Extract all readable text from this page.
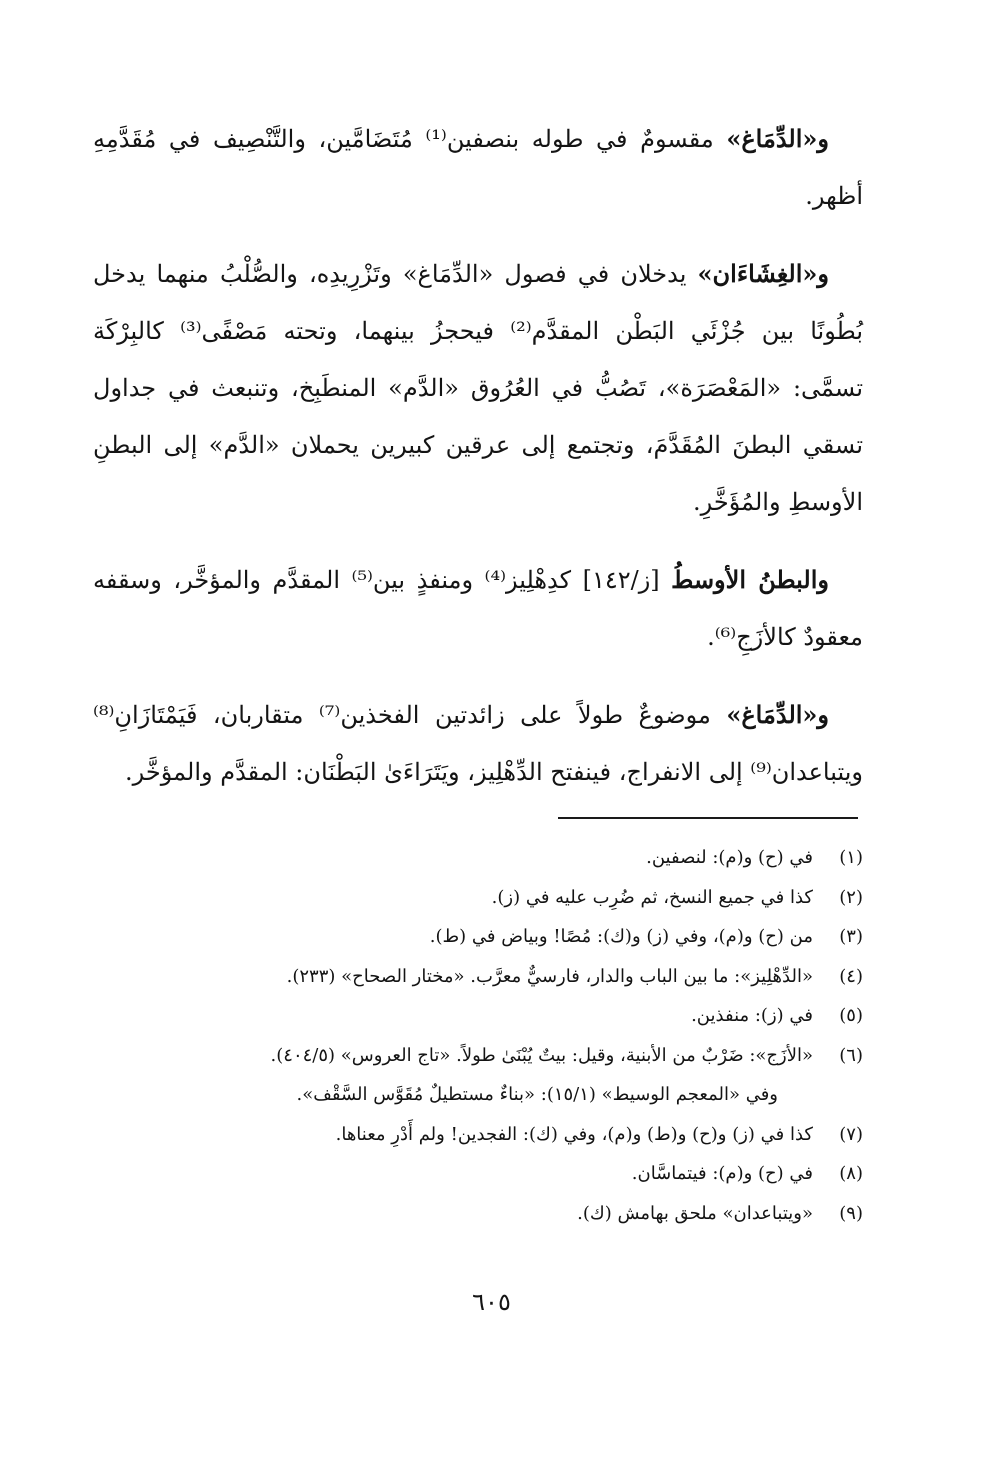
و«الدِّمَاغ» مقسومٌ في طوله بنصفين⁽¹⁾ مُتَضَامَّين، والتَّنْصِيف في مُقَدَّمِهِ أظهر.

و«الغِشَاءَان» يدخلان في فصول «الدِّمَاغ» وتَزْرِيدِه، والصُّلْبُ منهما يدخل بُطُونًا بين جُزْئَي البَطْن المقدَّم⁽²⁾ فيحجزُ بينهما، وتحته مَصْفًى⁽³⁾ كالبِرْكَة تسمَّى: «المَعْصَرَة»، تَصُبُّ في العُرُوق «الدَّم» المنطَبِخ، وتنبعث في جداول تسقي البطنَ المُقَدَّمَ، وتجتمع إلى عرقين كبيرين يحملان «الدَّم» إلى البطنِ الأوسطِ والمُؤَخَّرِ.

والبطنُ الأوسطُ [ز/١٤٢] كدِهْلِيز⁽⁴⁾ ومنفذٍ بين⁽⁵⁾ المقدَّم والمؤخَّر، وسقفه معقودٌ كالأزَجِ⁽⁶⁾.

و«الدِّمَاغ» موضوعٌ طولاً على زائدتين الفخذين⁽⁷⁾ متقاربان، فَيَمْتَازَانِ⁽⁸⁾ ويتباعدان⁽⁹⁾ إلى الانفراج، فينفتح الدِّهْلِيز، ويَتَرَاءَىٰ البَطْنَان: المقدَّم والمؤخَّر.

(١)
في (ح) و(م): لنصفين.
(٢)
كذا في جميع النسخ، ثم ضُرِب عليه في (ز).
(٣)
من (ح) و(م)، وفي (ز) و(ك): مُصًا! وبياض في (ط).
(٤)
«الدِّهْلِيز»: ما بين الباب والدار، فارسيٌّ معرَّب. «مختار الصحاح» (٢٣٣).
(٥)
في (ز): منفذين.
(٦)
«الأزَج»: ضَرْبٌ من الأبنية، وقيل: بيتٌ يُبْنَىٰ طولاً. «تاج العروس» (٤٠٤/٥).
وفي «المعجم الوسيط» (١٥/١): «بناءٌ مستطيلٌ مُقَوَّس السَّقْف».
(٧)
كذا في (ز) و(ح) و(ط) و(م)، وفي (ك): الفجدين! ولم أَدْرِ معناها.
(٨)
في (ح) و(م): فيتماسَّان.
(٩)
«ويتباعدان» ملحق بهامش (ك).
٦٠٥
